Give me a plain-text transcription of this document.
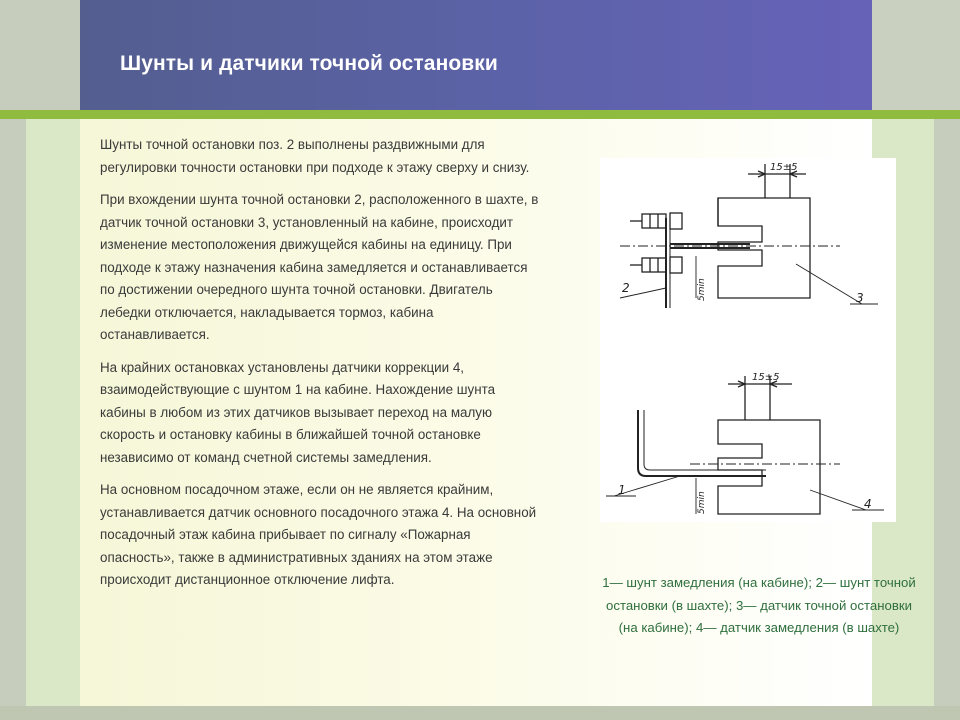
Шунты и датчики точной остановки

Шунты точной остановки поз. 2 выполнены раздвижными для регулировки точности остановки при подходе к этажу сверху и снизу.

При вхождении шунта точной остановки 2, расположенного в шахте, в датчик точной остановки 3, установленный на кабине, происходит изменение местоположения движущейся кабины на единицу. При подходе к этажу назначения кабина замедляется и останавливается по достижении очередного шунта точной остановки. Двигатель лебедки отключается, накладывается тормоз, кабина останавливается.

На крайних остановках установлены датчики коррекции 4, взаимодействующие с шунтом 1 на кабине. Нахождение шунта кабины в любом из этих датчиков вызывает переход на малую скорость и остановку кабины в ближайшей точной остановке независимо от команд счетной системы замедления.

На основном посадочном этаже, если он не является крайним, устанавливается датчик основного посадочного этажа 4. На основной посадочный этаж кабина прибывает по сигналу «Пожарная опасность», также в административных зданиях на этом этаже происходит дистанционное отключение лифта.

15±5
5min
2
3
15±5
5min
1
4
1— шунт замедления (на кабине); 2— шунт точной остановки (в шахте); 3— датчик точной остановки (на кабине); 4— датчик замедления (в шахте)
